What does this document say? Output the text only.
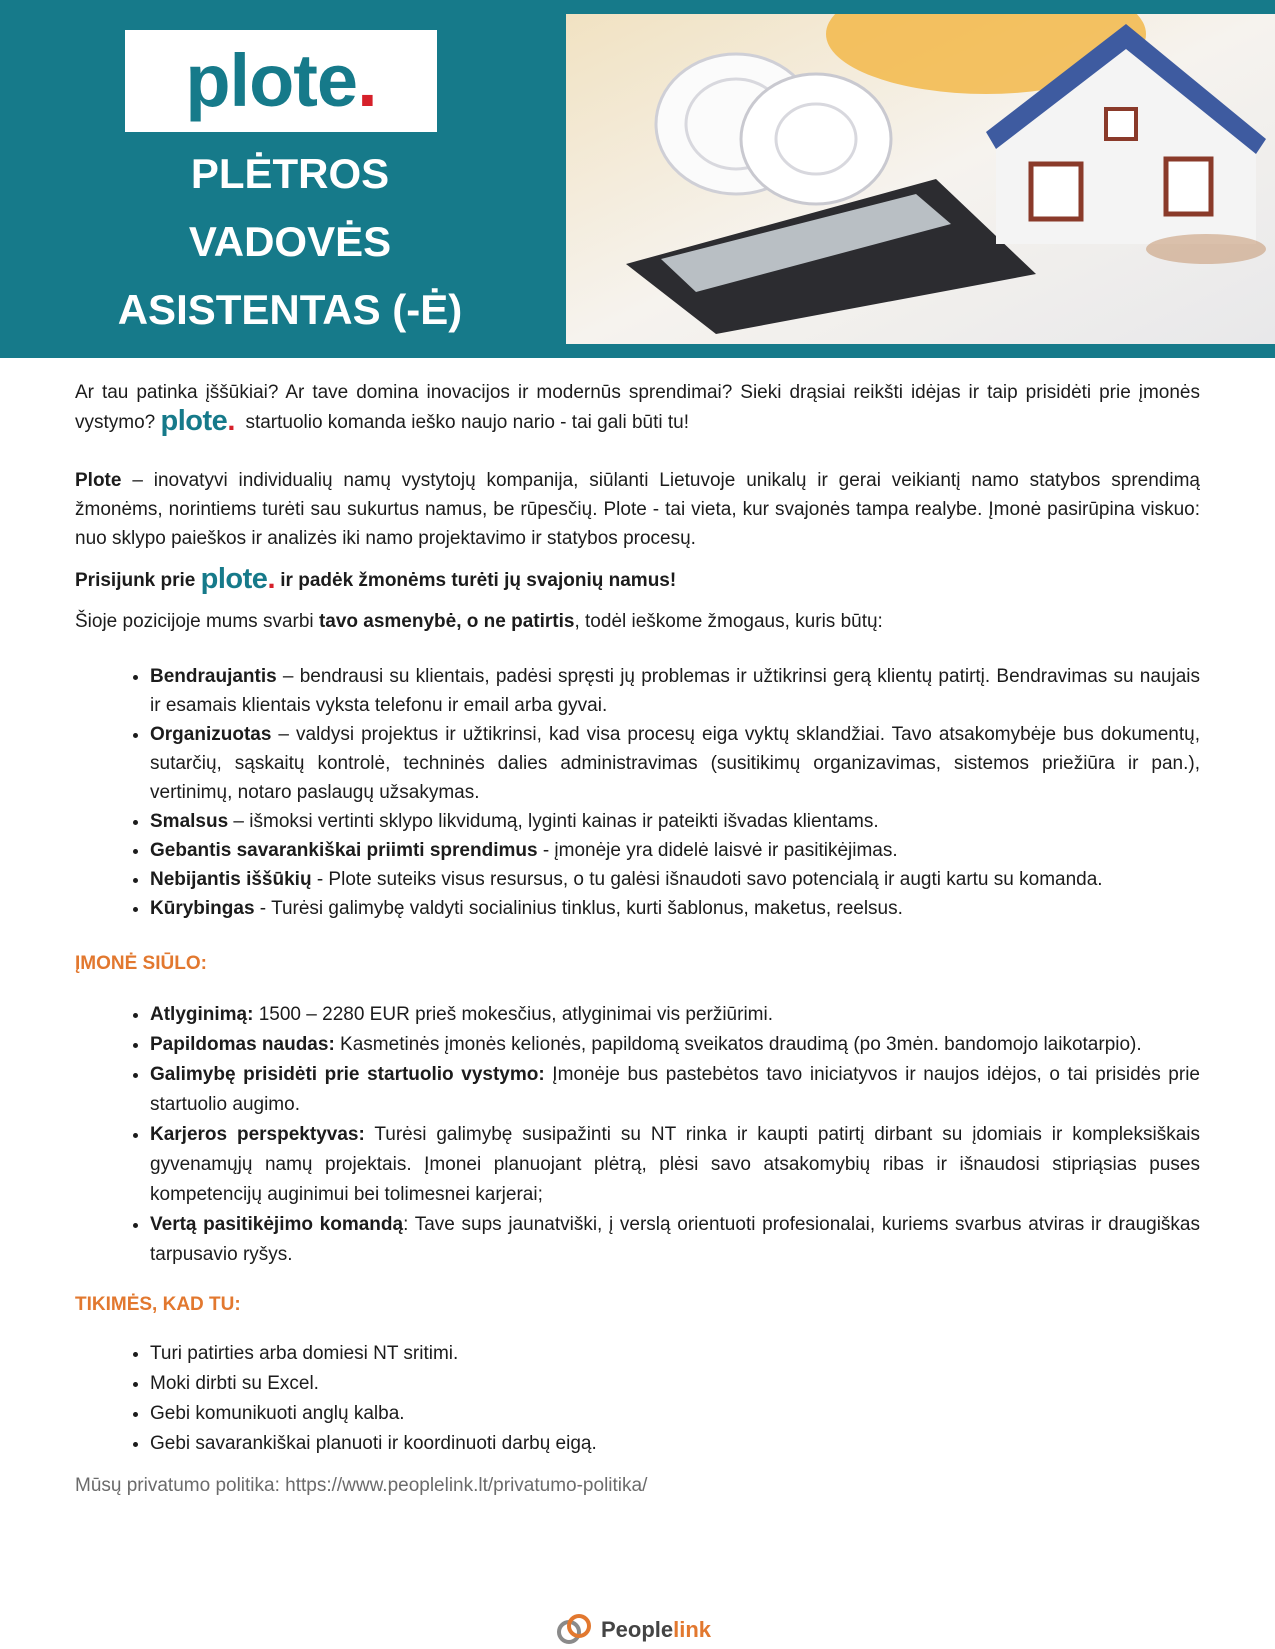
plote.
PLĖTROS
VADOVĖS
ASISTENTAS (-Ė)

Ar tau patinka įššūkiai? Ar tave domina inovacijos ir modernūs sprendimai? Sieki drąsiai reikšti idėjas ir taip prisidėti prie įmonės vystymo? plote. startuolio komanda ieško naujo nario - tai gali būti tu!

Plote – inovatyvi individualių namų vystytojų kompanija, siūlanti Lietuvoje unikalų ir gerai veikiantį namo statybos sprendimą žmonėms, norintiems turėti sau sukurtus namus, be rūpesčių. Plote - tai vieta, kur svajonės tampa realybe. Įmonė pasirūpina viskuo: nuo sklypo paieškos ir analizės iki namo projektavimo ir statybos procesų.

Prisijunk prie plote. ir padėk žmonėms turėti jų svajonių namus!

Šioje pozicijoje mums svarbi tavo asmenybė, o ne patirtis, todėl ieškome žmogaus, kuris būtų:

• Bendraujantis – bendrausi su klientais, padėsi spręsti jų problemas ir užtikrinsi gerą klientų patirtį. Bendravimas su naujais ir esamais klientais vyksta telefonu ir email arba gyvai.
• Organizuotas – valdysi projektus ir užtikrinsi, kad visa procesų eiga vyktų sklandžiai. Tavo atsakomybėje bus dokumentų, sutarčių, sąskaitų kontrolė, techninės dalies administravimas (susitikimų organizavimas, sistemos priežiūra ir pan.), vertinimų, notaro paslaugų užsakymas.
• Smalsus – išmoksi vertinti sklypo likvidumą, lyginti kainas ir pateikti išvadas klientams.
• Gebantis savarankiškai priimti sprendimus - įmonėje yra didelė laisvė ir pasitikėjimas.
• Nebijantis iššūkių - Plote suteiks visus resursus, o tu galėsi išnaudoti savo potencialą ir augti kartu su komanda.
• Kūrybingas - Turėsi galimybę valdyti socialinius tinklus, kurti šablonus, maketus, reelsus.

ĮMONĖ SIŪLO:

• Atlyginimą: 1500 – 2280 EUR prieš mokesčius, atlyginimai vis peržiūrimi.
• Papildomas naudas: Kasmetinės įmonės kelionės, papildomą sveikatos draudimą (po 3mėn. bandomojo laikotarpio).
• Galimybę prisidėti prie startuolio vystymo: Įmonėje bus pastebėtos tavo iniciatyvos ir naujos idėjos, o tai prisidės prie startuolio augimo.
• Karjeros perspektyvas: Turėsi galimybę susipažinti su NT rinka ir kaupti patirtį dirbant su įdomiais ir kompleksiškais gyvenamųjų namų projektais. Įmonei planuojant plėtrą, plėsi savo atsakomybių ribas ir išnaudosi stipriąsias puses kompetencijų auginimui bei tolimesnei karjerai;
• Vertą pasitikėjimo komandą: Tave sups jaunatviški, į verslą orientuoti profesionalai, kuriems svarbus atviras ir draugiškas tarpusavio ryšys.

TIKIMĖS, KAD TU:

• Turi patirties arba domiesi NT sritimi.
• Moki dirbti su Excel.
• Gebi komunikuoti anglų kalba.
• Gebi savarankiškai planuoti ir koordinuoti darbų eigą.

Mūsų privatumo politika: https://www.peoplelink.lt/privatumo-politika/

Peoplelink
